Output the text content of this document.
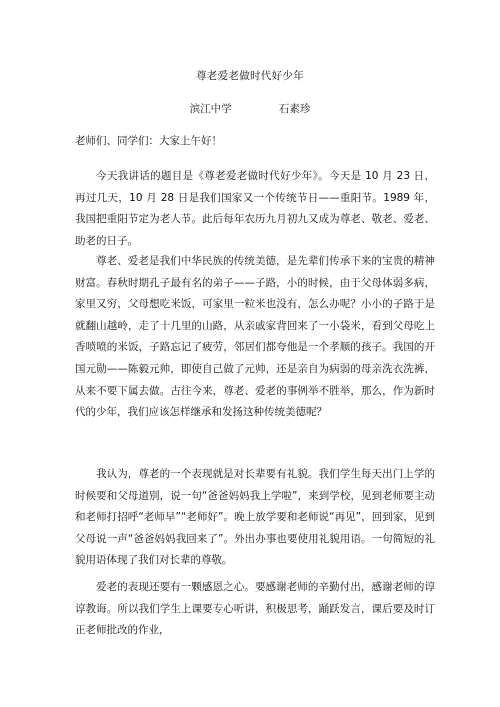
尊老爱老做时代好少年
滨江中学	石素珍
老师们、同学们：大家上午好！

今天我讲话的题目是《尊老爱老做时代好少年》。今天是 10 月 23 日，再过几天，10 月 28 日是我们国家又一个传统节日——重阳节。1989 年，我国把重阳节定为老人节。此后每年农历九月初九又成为尊老、敬老、爱老、助老的日子。

尊老、爱老是我们中华民族的传统美德，是先辈们传承下来的宝贵的精神财富。春秋时期孔子最有名的弟子——子路，小的时候，由于父母体弱多病，家里又穷，父母想吃米饭，可家里一粒米也没有，怎么办呢？小小的子路于是就翻山越岭，走了十几里的山路，从亲戚家背回来了一小袋米，看到父母吃上香喷喷的米饭，子路忘记了疲劳，邻居们都夸他是一个孝顺的孩子。我国的开国元勋——陈毅元帅，即使自己做了元帅，还是亲自为病弱的母亲洗衣洗裤，从来不要下属去做。古往今来，尊老、爱老的事例举不胜举，那么，作为新时代的少年，我们应该怎样继承和发扬这种传统美德呢？

我认为，尊老的一个表现就是对长辈要有礼貌。我们学生每天出门上学的时候要和父母道别，说一句“爸爸妈妈我上学啦”，来到学校，见到老师要主动和老师打招呼“老师早”“老师好”。晚上放学要和老师说“再见”，回到家，见到父母说一声“爸爸妈妈我回来了”。外出办事也要使用礼貌用语。一句简短的礼貌用语体现了我们对长辈的尊敬。

爱老的表现还要有一颗感恩之心。要感谢老师的辛勤付出，感谢老师的谆谆教诲。所以我们学生上课要专心听讲，积极思考，踊跃发言，课后要及时订正老师批改的作业，
